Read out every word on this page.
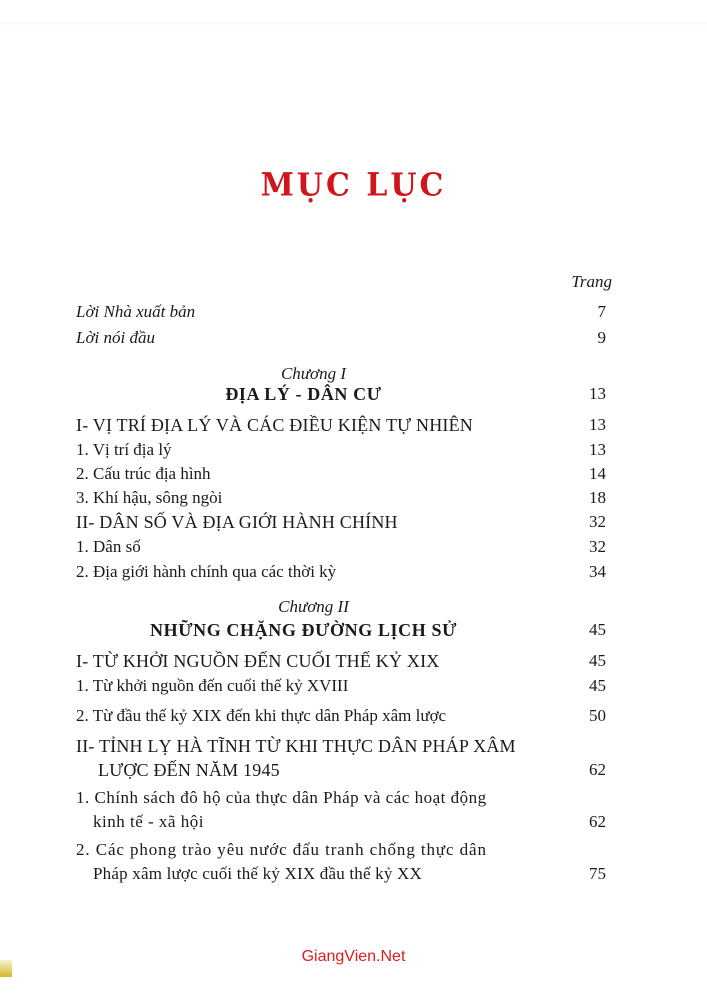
MỤC LỤC
Trang
Lời Nhà xuất bản	7
Lời nói đầu	9
Chương I
ĐỊA LÝ - DÂN CƯ	13
I- VỊ TRÍ ĐỊA LÝ VÀ CÁC ĐIỀU KIỆN TỰ NHIÊN	13
1. Vị trí địa lý	13
2. Cấu trúc địa hình	14
3. Khí hậu, sông ngòi	18
II- DÂN SỐ VÀ ĐỊA GIỚI HÀNH CHÍNH	32
1. Dân số	32
2. Địa giới hành chính qua các thời kỳ	34
Chương II
NHỮNG CHẶNG ĐƯỜNG LỊCH SỬ	45
I- TỪ KHỞI NGUỒN ĐẾN CUỐI THẾ KỶ XIX	45
1. Từ khởi nguồn đến cuối thế kỷ XVIII	45
2. Từ đầu thế kỷ XIX đến khi thực dân Pháp xâm lược	50
II- TỈNH LỴ HÀ TĨNH TỪ KHI THỰC DÂN PHÁP XÂM
LƯỢC ĐẾN NĂM 1945	62
1. Chính sách đô hộ của thực dân Pháp và các hoạt động
kinh tế - xã hội	62
2. Các phong trào yêu nước đấu tranh chống thực dân
Pháp xâm lược cuối thế kỷ XIX đầu thế kỷ XX	75
GiangVien.Net
